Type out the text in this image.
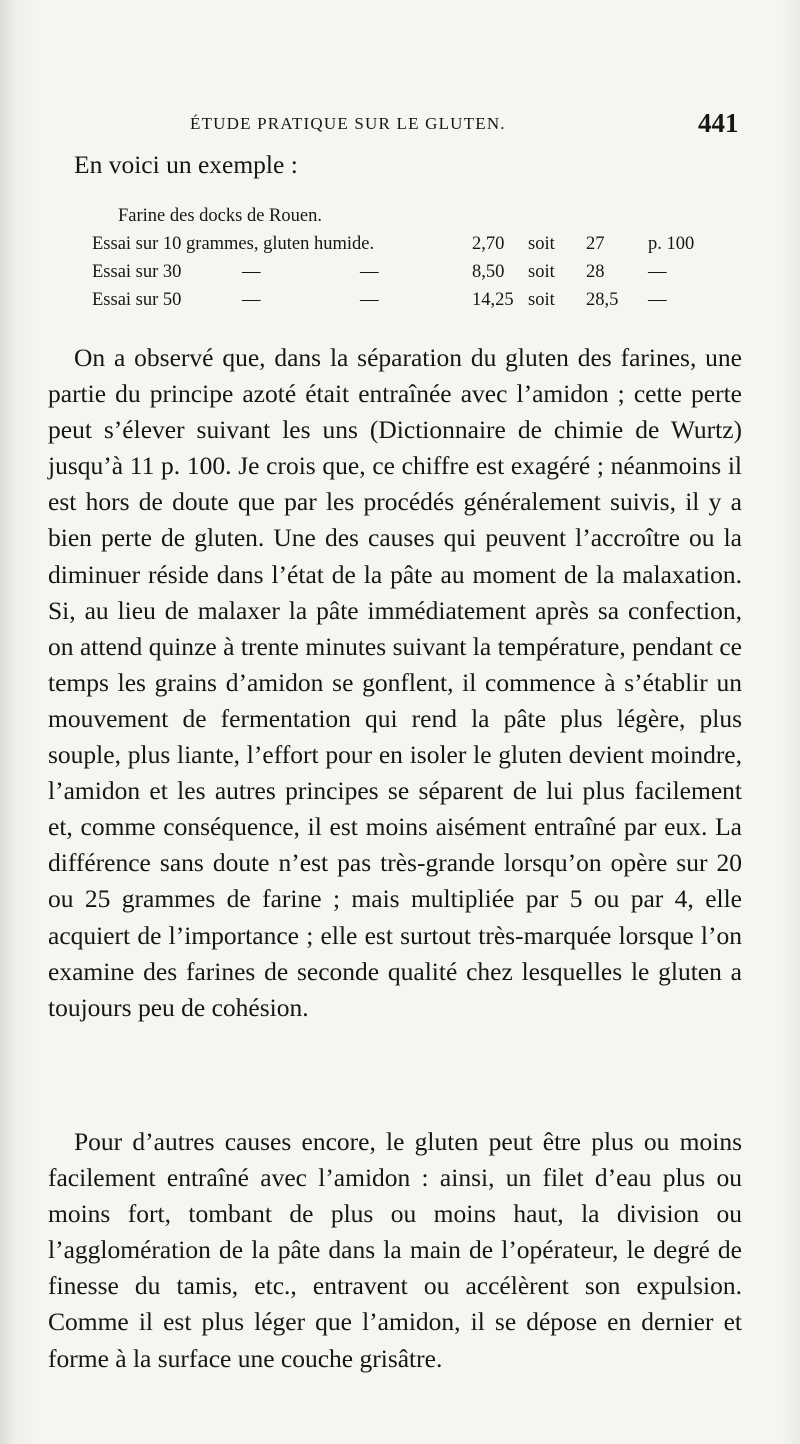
ÉTUDE PRATIQUE SUR LE GLUTEN.	441
En voici un exemple :
Farine des docks de Rouen.
Essai sur 10 grammes, gluten humide.	2,70 soit 27 p. 100
Essai sur 30	—	—	8,50 soit 28 —
Essai sur 50	—	—	14,25 soit 28,5 —

On a observé que, dans la séparation du gluten des farines, une partie du principe azoté était entraînée avec l’amidon ; cette perte peut s’élever suivant les uns (Dictionnaire de chimie de Wurtz) jusqu’à 11 p. 100. Je crois que, ce chiffre est exagéré ; néanmoins il est hors de doute que par les procédés généralement suivis, il y a bien perte de gluten. Une des causes qui peuvent l’accroître ou la diminuer réside dans l’état de la pâte au moment de la malaxation. Si, au lieu de malaxer la pâte immédiatement après sa confection, on attend quinze à trente minutes suivant la température, pendant ce temps les grains d’amidon se gonflent, il commence à s’établir un mouvement de fermentation qui rend la pâte plus légère, plus souple, plus liante, l’effort pour en isoler le gluten devient moindre, l’amidon et les autres principes se séparent de lui plus facilement et, comme conséquence, il est moins aisément entraîné par eux. La différence sans doute n’est pas très-grande lorsqu’on opère sur 20 ou 25 grammes de farine ; mais multipliée par 5 ou par 4, elle acquiert de l’importance ; elle est surtout très-marquée lorsque l’on examine des farines de seconde qualité chez lesquelles le gluten a toujours peu de cohésion.

Pour d’autres causes encore, le gluten peut être plus ou moins facilement entraîné avec l’amidon : ainsi, un filet d’eau plus ou moins fort, tombant de plus ou moins haut, la division ou l’agglomération de la pâte dans la main de l’opérateur, le degré de finesse du tamis, etc., entravent ou accélèrent son expulsion. Comme il est plus léger que l’amidon, il se dépose en dernier et forme à la surface une couche grisâtre.
